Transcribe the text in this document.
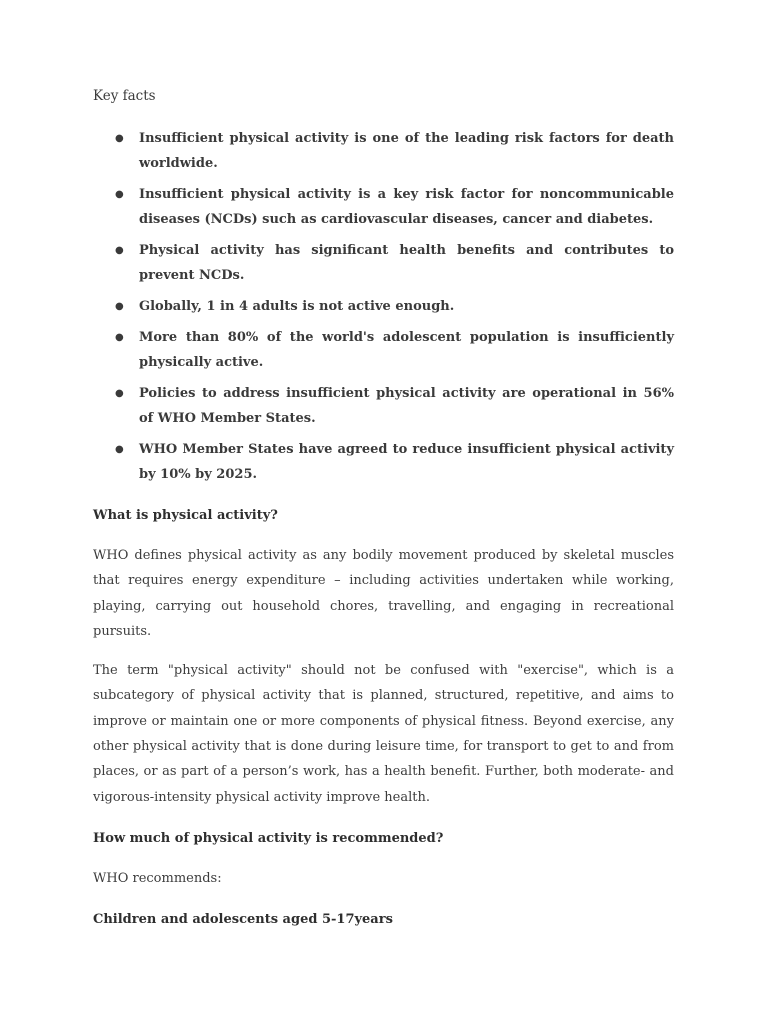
Key facts
● Insufficient physical activity is one of the leading risk factors for death worldwide.
● Insufficient physical activity is a key risk factor for noncommunicable diseases (NCDs) such as cardiovascular diseases, cancer and diabetes.
● Physical activity has significant health benefits and contributes to prevent NCDs.
● Globally, 1 in 4 adults is not active enough.
● More than 80% of the world's adolescent population is insufficiently physically active.
● Policies to address insufficient physical activity are operational in 56% of WHO Member States.
● WHO Member States have agreed to reduce insufficient physical activity by 10% by 2025.
What is physical activity?

WHO defines physical activity as any bodily movement produced by skeletal muscles that requires energy expenditure – including activities undertaken while working, playing, carrying out household chores, travelling, and engaging in recreational pursuits.

The term "physical activity" should not be confused with "exercise", which is a subcategory of physical activity that is planned, structured, repetitive, and aims to improve or maintain one or more components of physical fitness. Beyond exercise, any other physical activity that is done during leisure time, for transport to get to and from places, or as part of a person’s work, has a health benefit. Further, both moderate- and vigorous-intensity physical activity improve health.

How much of physical activity is recommended?

WHO recommends:

Children and adolescents aged 5-17years
